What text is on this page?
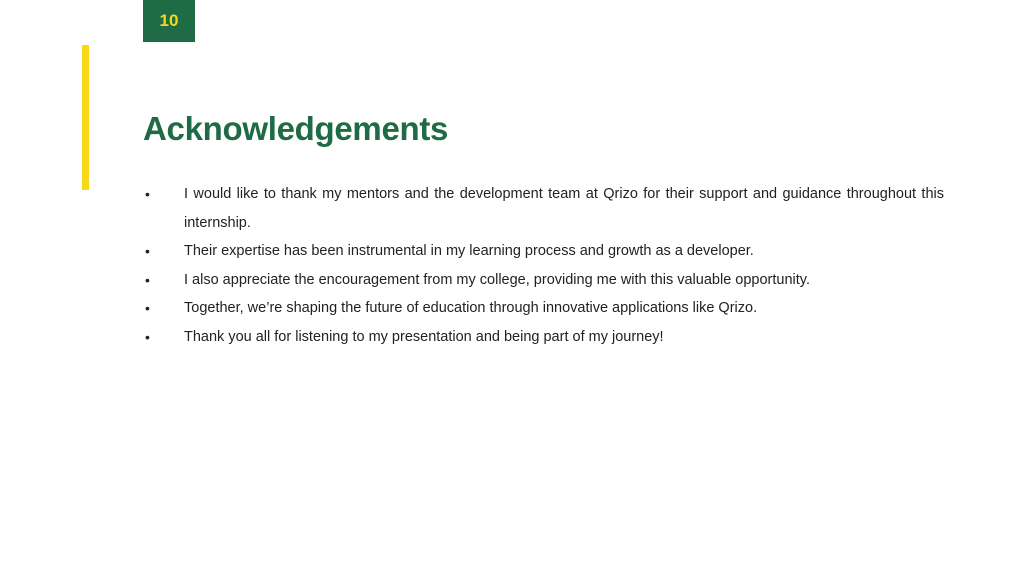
10
Acknowledgements
•	I would like to thank my mentors and the development team at Qrizo for their support and guidance throughout this internship.
•	Their expertise has been instrumental in my learning process and growth as a developer.
•	I also appreciate the encouragement from my college, providing me with this valuable opportunity.
•	Together, we’re shaping the future of education through innovative applications like Qrizo.
•	Thank you all for listening to my presentation and being part of my journey!
